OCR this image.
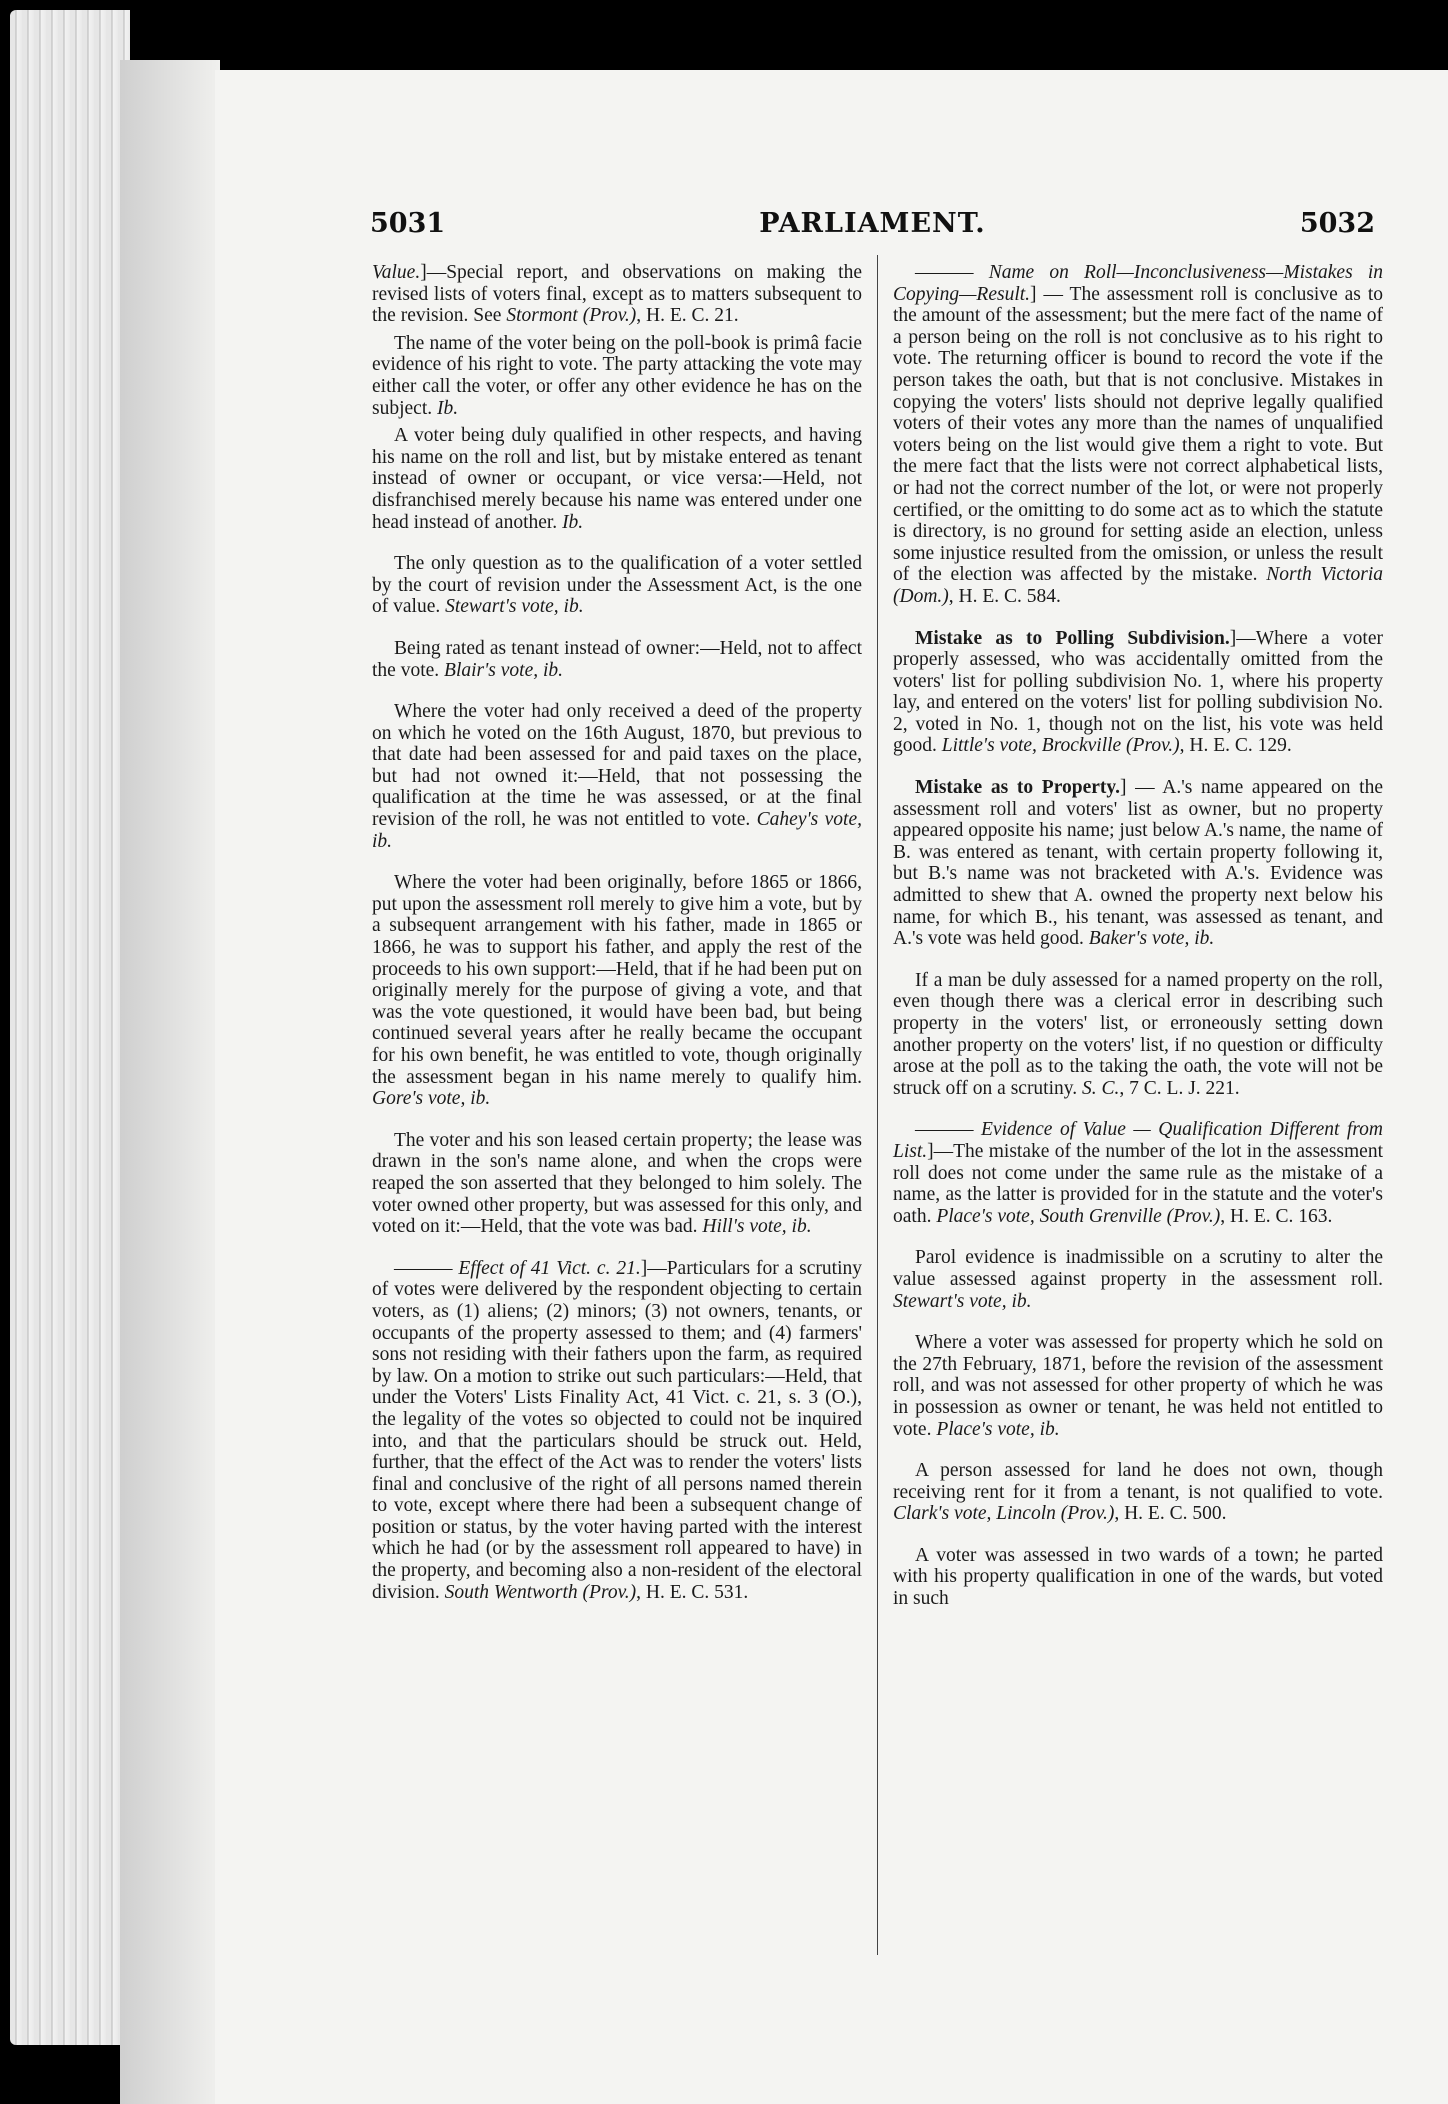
5031	PARLIAMENT.	5032

Value.]—Special report, and observations on making the revised lists of voters final, except as to matters subsequent to the revision. See Stormont (Prov.), H. E. C. 21.

The name of the voter being on the poll-book is primâ facie evidence of his right to vote. The party attacking the vote may either call the voter, or offer any other evidence he has on the subject. Ib.

A voter being duly qualified in other respects, and having his name on the roll and list, but by mistake entered as tenant instead of owner or occupant, or vice versa:—Held, not disfranchised merely because his name was entered under one head instead of another. Ib.

The only question as to the qualification of a voter settled by the court of revision under the Assessment Act, is the one of value. Stewart's vote, ib.

Being rated as tenant instead of owner:—Held, not to affect the vote. Blair's vote, ib.

Where the voter had only received a deed of the property on which he voted on the 16th August, 1870, but previous to that date had been assessed for and paid taxes on the place, but had not owned it:—Held, that not possessing the qualification at the time he was assessed, or at the final revision of the roll, he was not entitled to vote. Cahey's vote, ib.

Where the voter had been originally, before 1865 or 1866, put upon the assessment roll merely to give him a vote, but by a subsequent arrangement with his father, made in 1865 or 1866, he was to support his father, and apply the rest of the proceeds to his own support:—Held, that if he had been put on originally merely for the purpose of giving a vote, and that was the vote questioned, it would have been bad, but being continued several years after he really became the occupant for his own benefit, he was entitled to vote, though originally the assessment began in his name merely to qualify him. Gore's vote, ib.

The voter and his son leased certain property; the lease was drawn in the son's name alone, and when the crops were reaped the son asserted that they belonged to him solely. The voter owned other property, but was assessed for this only, and voted on it:—Held, that the vote was bad. Hill's vote, ib.

——— Effect of 41 Vict. c. 21.]—Particulars for a scrutiny of votes were delivered by the respondent objecting to certain voters, as (1) aliens; (2) minors; (3) not owners, tenants, or occupants of the property assessed to them; and (4) farmers' sons not residing with their fathers upon the farm, as required by law. On a motion to strike out such particulars:—Held, that under the Voters' Lists Finality Act, 41 Vict. c. 21, s. 3 (O.), the legality of the votes so objected to could not be inquired into, and that the particulars should be struck out. Held, further, that the effect of the Act was to render the voters' lists final and conclusive of the right of all persons named therein to vote, except where there had been a subsequent change of position or status, by the voter having parted with the interest which he had (or by the assessment roll appeared to have) in the property, and becoming also a non-resident of the electoral division. South Wentworth (Prov.), H. E. C. 531.

——— Name on Roll—Inconclusiveness—Mistakes in Copying—Result.] — The assessment roll is conclusive as to the amount of the assessment; but the mere fact of the name of a person being on the roll is not conclusive as to his right to vote. The returning officer is bound to record the vote if the person takes the oath, but that is not conclusive. Mistakes in copying the voters' lists should not deprive legally qualified voters of their votes any more than the names of unqualified voters being on the list would give them a right to vote. But the mere fact that the lists were not correct alphabetical lists, or had not the correct number of the lot, or were not properly certified, or the omitting to do some act as to which the statute is directory, is no ground for setting aside an election, unless some injustice resulted from the omission, or unless the result of the election was affected by the mistake. North Victoria (Dom.), H. E. C. 584.

Mistake as to Polling Subdivision.]—Where a voter properly assessed, who was accidentally omitted from the voters' list for polling subdivision No. 1, where his property lay, and entered on the voters' list for polling subdivision No. 2, voted in No. 1, though not on the list, his vote was held good. Little's vote, Brockville (Prov.), H. E. C. 129.

Mistake as to Property.] — A.'s name appeared on the assessment roll and voters' list as owner, but no property appeared opposite his name; just below A.'s name, the name of B. was entered as tenant, with certain property following it, but B.'s name was not bracketed with A.'s. Evidence was admitted to shew that A. owned the property next below his name, for which B., his tenant, was assessed as tenant, and A.'s vote was held good. Baker's vote, ib.

If a man be duly assessed for a named property on the roll, even though there was a clerical error in describing such property in the voters' list, or erroneously setting down another property on the voters' list, if no question or difficulty arose at the poll as to the taking the oath, the vote will not be struck off on a scrutiny. S. C., 7 C. L. J. 221.

——— Evidence of Value — Qualification Different from List.]—The mistake of the number of the lot in the assessment roll does not come under the same rule as the mistake of a name, as the latter is provided for in the statute and the voter's oath. Place's vote, South Grenville (Prov.), H. E. C. 163.

Parol evidence is inadmissible on a scrutiny to alter the value assessed against property in the assessment roll. Stewart's vote, ib.

Where a voter was assessed for property which he sold on the 27th February, 1871, before the revision of the assessment roll, and was not assessed for other property of which he was in possession as owner or tenant, he was held not entitled to vote. Place's vote, ib.

A person assessed for land he does not own, though receiving rent for it from a tenant, is not qualified to vote. Clark's vote, Lincoln (Prov.), H. E. C. 500.

A voter was assessed in two wards of a town; he parted with his property qualification in one of the wards, but voted in such
